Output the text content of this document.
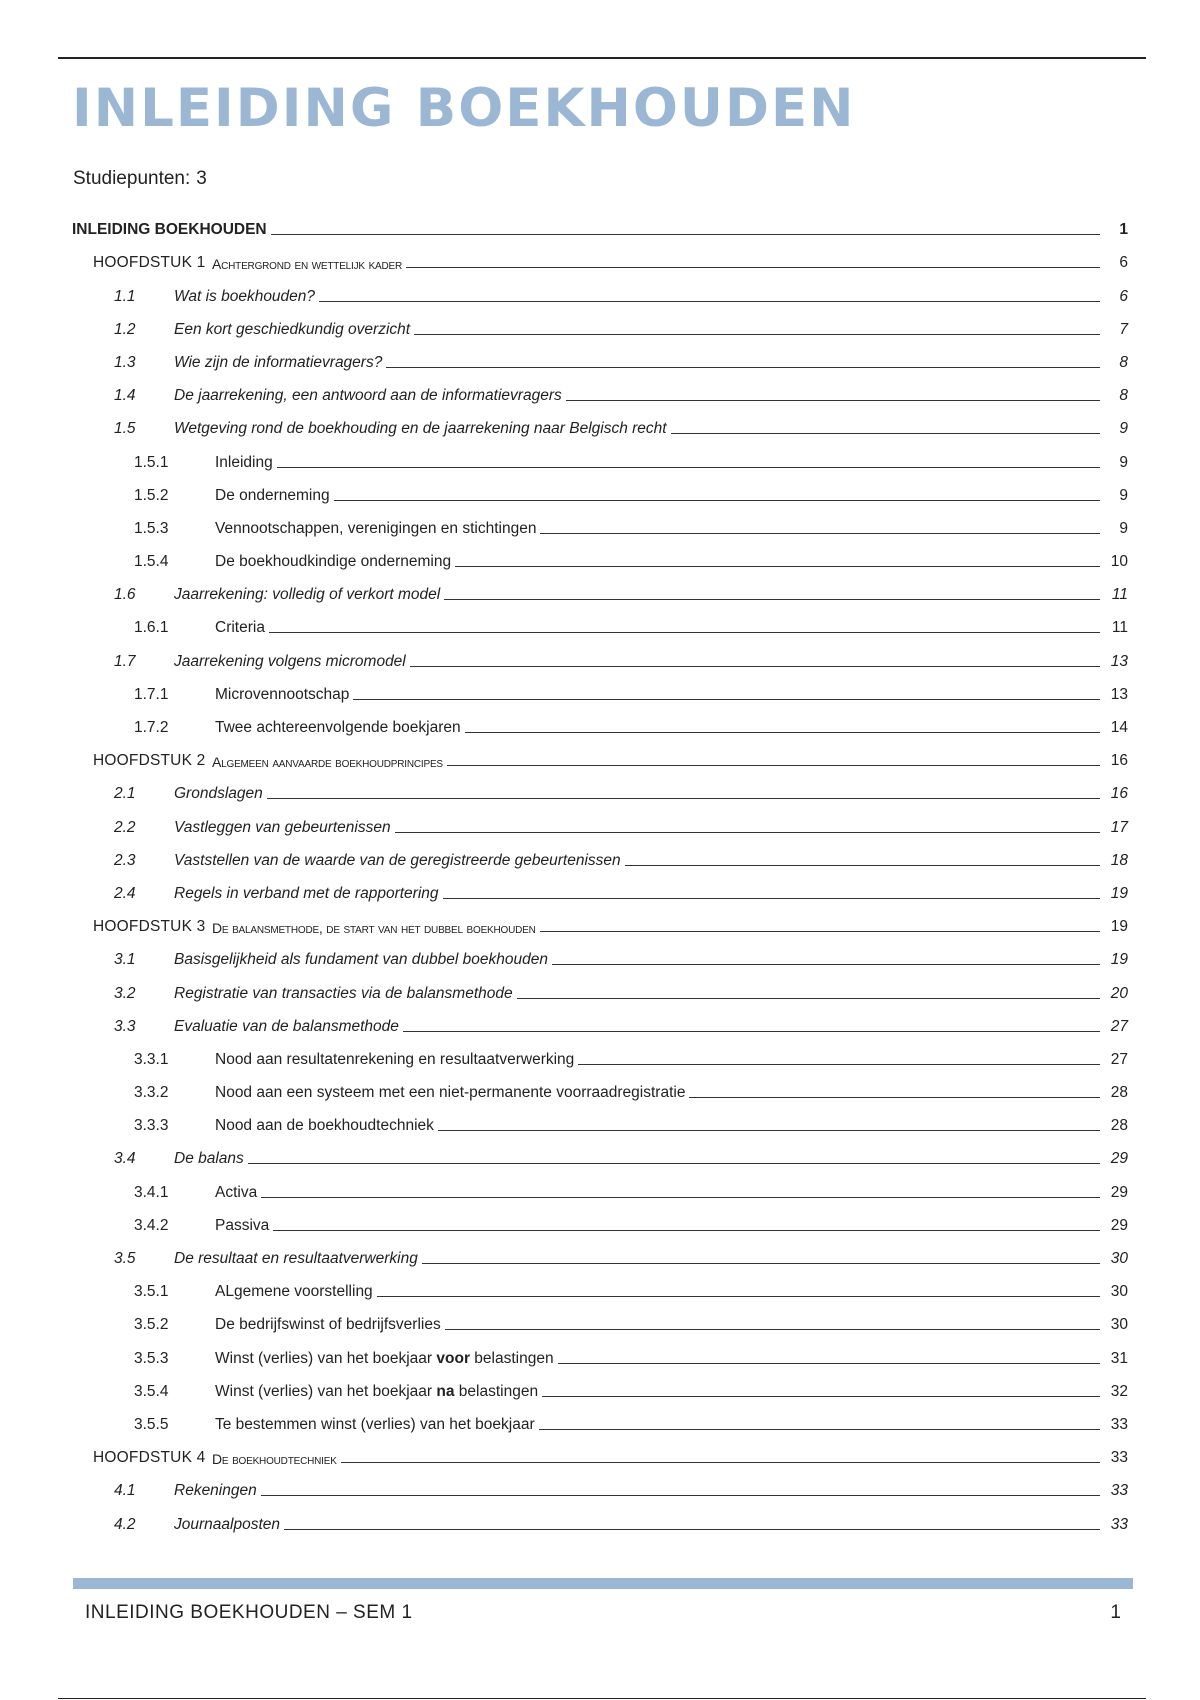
INLEIDING BOEKHOUDEN
Studiepunten: 3
INLEIDING BOEKHOUDEN	1
HOOFDSTUK 1 Achtergrond en wettelijk kader	6
1.1	Wat is boekhouden?	6
1.2	Een kort geschiedkundig overzicht	7
1.3	Wie zijn de informatievragers?	8
1.4	De jaarrekening, een antwoord aan de informatievragers	8
1.5	Wetgeving rond de boekhouding en de jaarrekening naar Belgisch recht	9
1.5.1	Inleiding	9
1.5.2	De onderneming	9
1.5.3	Vennootschappen, verenigingen en stichtingen	9
1.5.4	De boekhoudkindige onderneming	10
1.6	Jaarrekening: volledig of verkort model	11
1.6.1	Criteria	11
1.7	Jaarrekening volgens micromodel	13
1.7.1	Microvennootschap	13
1.7.2	Twee achtereenvolgende boekjaren	14
HOOFDSTUK 2 Algemeen aanvaarde boekhoudprincipes	16
2.1	Grondslagen	16
2.2	Vastleggen van gebeurtenissen	17
2.3	Vaststellen van de waarde van de geregistreerde gebeurtenissen	18
2.4	Regels in verband met de rapportering	19
HOOFDSTUK 3 De balansmethode, de start van het dubbel boekhouden	19
3.1	Basisgelijkheid als fundament van dubbel boekhouden	19
3.2	Registratie van transacties via de balansmethode	20
3.3	Evaluatie van de balansmethode	27
3.3.1	Nood aan resultatenrekening en resultaatverwerking	27
3.3.2	Nood aan een systeem met een niet-permanente voorraadregistratie	28
3.3.3	Nood aan de boekhoudtechniek	28
3.4	De balans	29
3.4.1	Activa	29
3.4.2	Passiva	29
3.5	De resultaat en resultaatverwerking	30
3.5.1	ALgemene voorstelling	30
3.5.2	De bedrijfswinst of bedrijfsverlies	30
3.5.3	Winst (verlies) van het boekjaar voor belastingen	31
3.5.4	Winst (verlies) van het boekjaar na belastingen	32
3.5.5	Te bestemmen winst (verlies) van het boekjaar	33
HOOFDSTUK 4 De boekhoudtechniek	33
4.1	Rekeningen	33
4.2	Journaalposten	33
INLEIDING BOEKHOUDEN – SEM 1	1
